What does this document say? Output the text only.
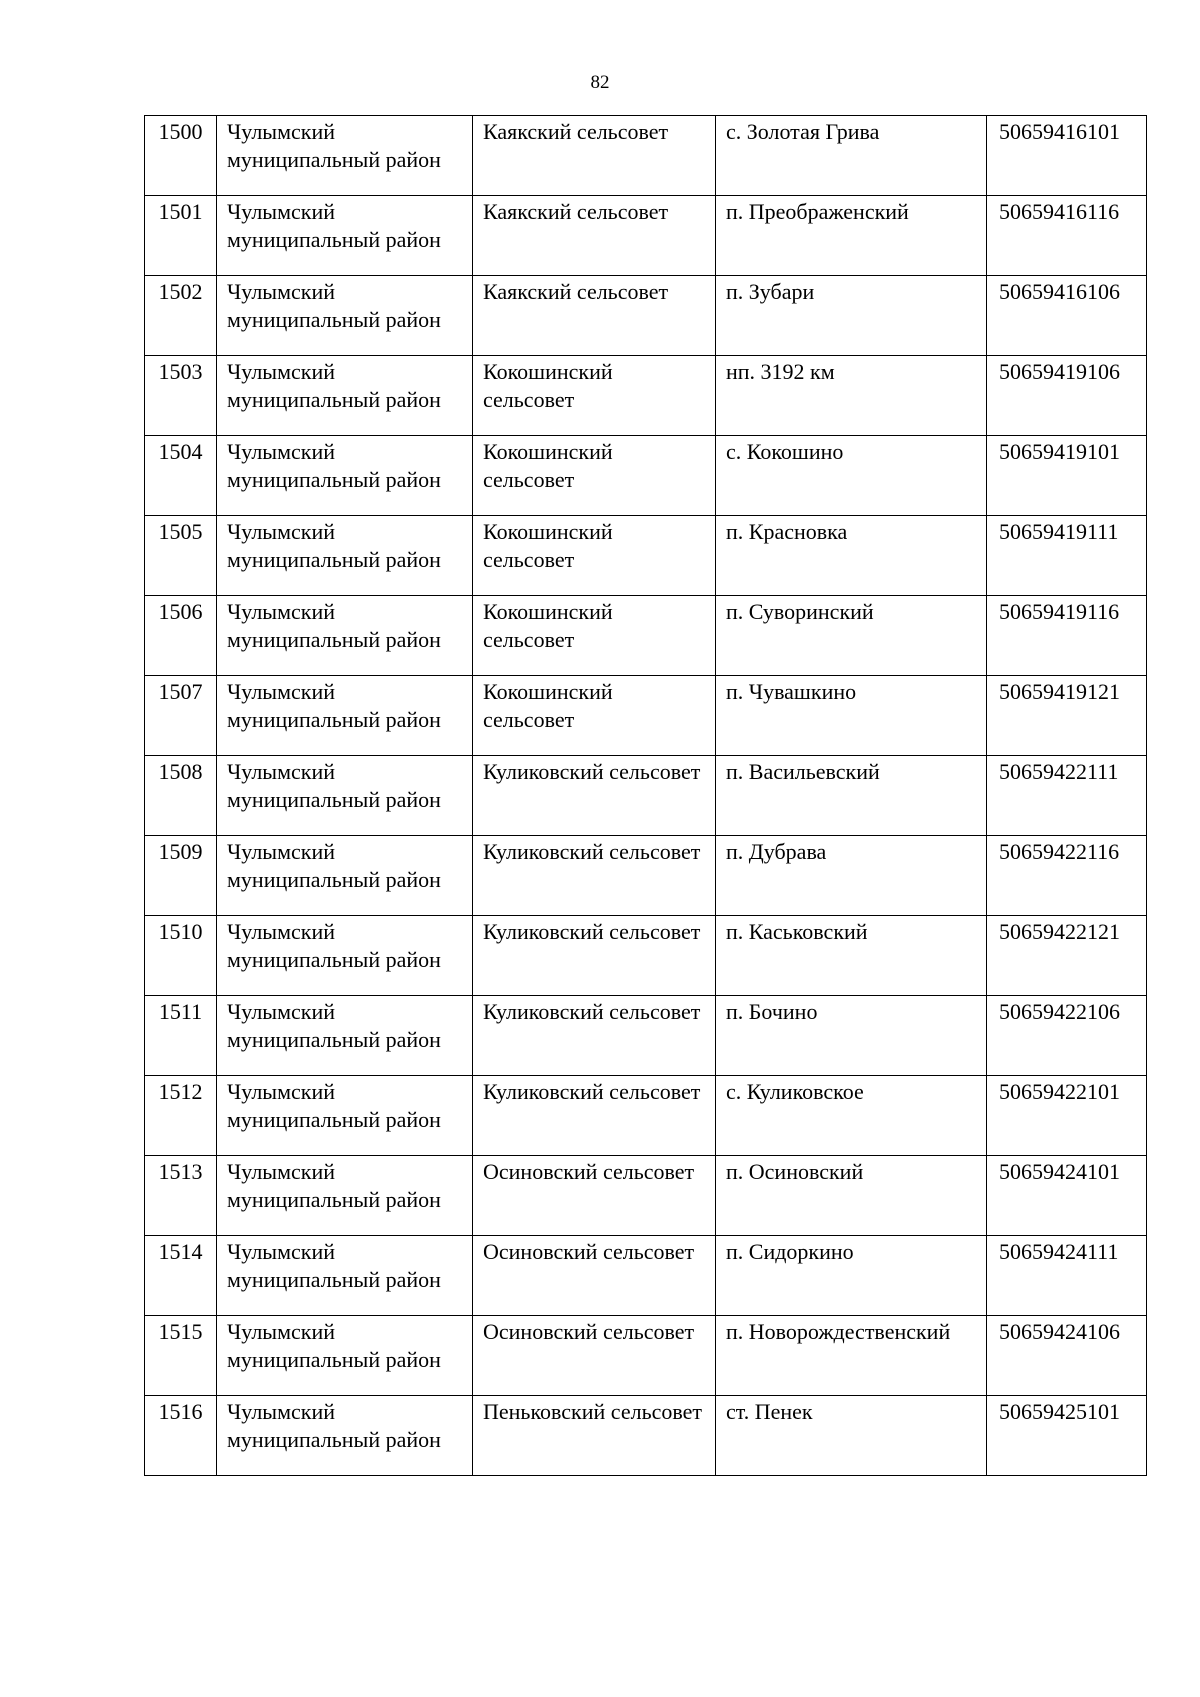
82
1500	Чулымский муниципальный район	Каякский сельсовет	с. Золотая Грива	50659416101
1501	Чулымский муниципальный район	Каякский сельсовет	п. Преображенский	50659416116
1502	Чулымский муниципальный район	Каякский сельсовет	п. Зубари	50659416106
1503	Чулымский муниципальный район	Кокошинский сельсовет	нп. 3192 км	50659419106
1504	Чулымский муниципальный район	Кокошинский сельсовет	с. Кокошино	50659419101
1505	Чулымский муниципальный район	Кокошинский сельсовет	п. Красновка	50659419111
1506	Чулымский муниципальный район	Кокошинский сельсовет	п. Суворинский	50659419116
1507	Чулымский муниципальный район	Кокошинский сельсовет	п. Чувашкино	50659419121
1508	Чулымский муниципальный район	Куликовский сельсовет	п. Васильевский	50659422111
1509	Чулымский муниципальный район	Куликовский сельсовет	п. Дубрава	50659422116
1510	Чулымский муниципальный район	Куликовский сельсовет	п. Каськовский	50659422121
1511	Чулымский муниципальный район	Куликовский сельсовет	п. Бочино	50659422106
1512	Чулымский муниципальный район	Куликовский сельсовет	с. Куликовское	50659422101
1513	Чулымский муниципальный район	Осиновский сельсовет	п. Осиновский	50659424101
1514	Чулымский муниципальный район	Осиновский сельсовет	п. Сидоркино	50659424111
1515	Чулымский муниципальный район	Осиновский сельсовет	п. Новорождественский	50659424106
1516	Чулымский муниципальный район	Пеньковский сельсовет	ст. Пенек	50659425101
